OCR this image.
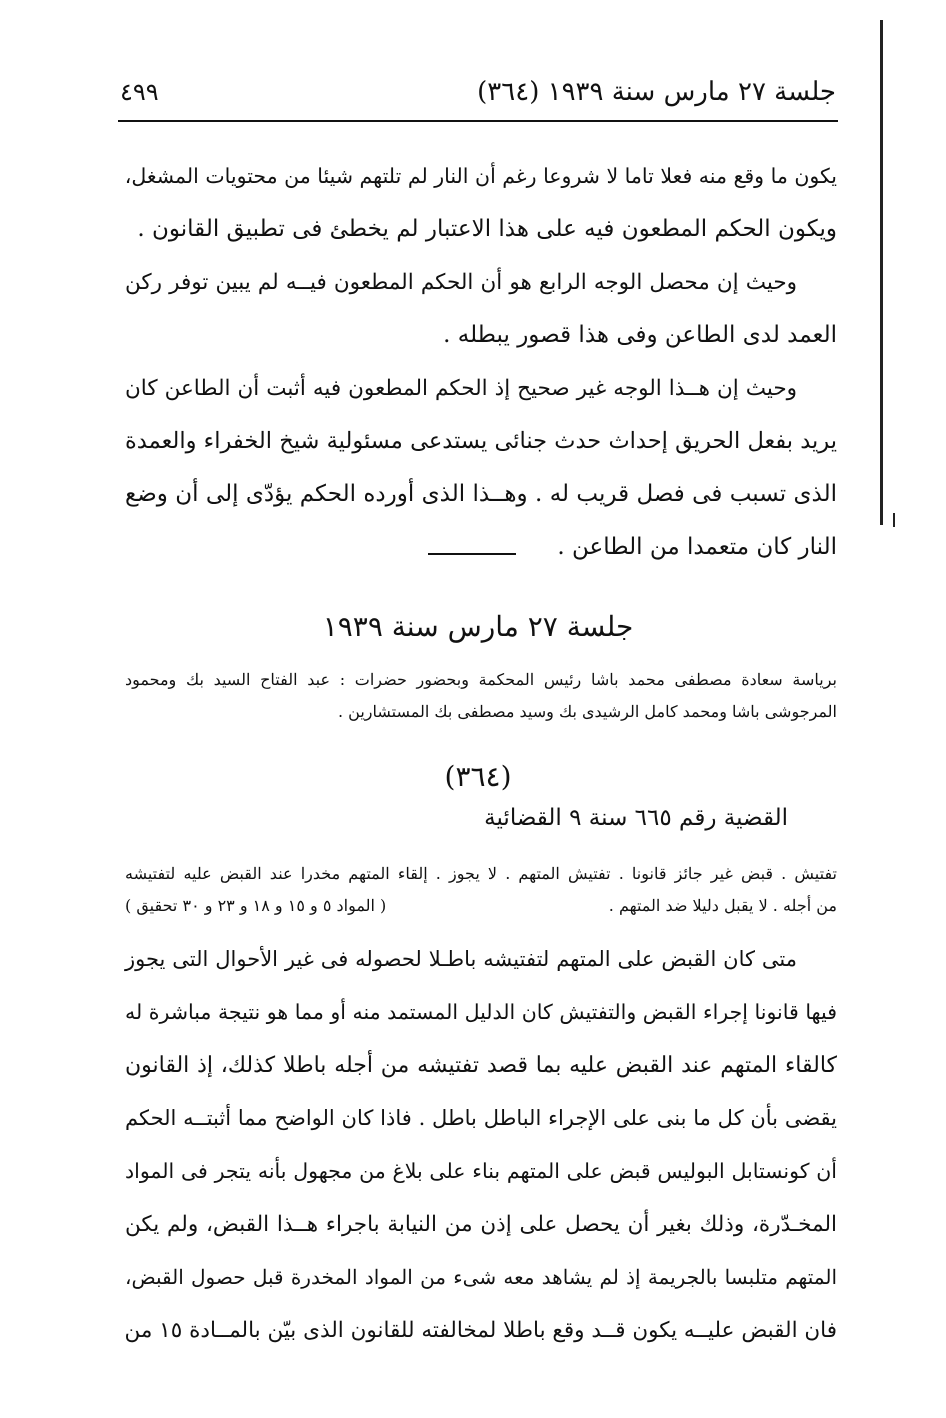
جلسة ٢٧ مارس سنة ١٩٣٩ (٣٦٤)
٤٩٩
يكون ما وقع منه فعلا تاما لا شروعا رغم أن النار لم تلتهم شيئا من محتويات المشغل،
ويكون الحكم المطعون فيه على هذا الاعتبار لم يخطئ فى تطبيق القانون .
وحيث إن محصل الوجه الرابع هو أن الحكم المطعون فيــه لم يبين توفر ركن
العمد لدى الطاعن وفى هذا قصور يبطله .
وحيث إن هــذا الوجه غير صحيح إذ الحكم المطعون فيه أثبت أن الطاعن كان
يريد بفعل الحريق إحداث حدث جنائى يستدعى مسئولية شيخ الخفراء والعمدة
الذى تسبب فى فصل قريب له . وهــذا الذى أورده الحكم يؤدّى إلى أن وضع
النار كان متعمدا من الطاعن .
جلسة ٢٧ مارس سنة ١٩٣٩
برياسة سعادة مصطفى محمد باشا رئيس المحكمة وبحضور حضرات : عبد الفتاح السيد بك ومحمود
المرجوشى باشا ومحمد كامل الرشيدى بك وسيد مصطفى بك المستشارين .
(٣٦٤)
القضية رقم ٦٦٥ سنة ٩ القضائية
تفتيش . قبض غير جائز قانونا . تفتيش المتهم . لا يجوز . إلقاء المتهم مخدرا عند القبض عليه لتفتيشه
من أجله . لا يقبل دليلا ضد المتهم .
( المواد ٥ و ١٥ و ١٨ و ٢٣ و ٣٠ تحقيق )
متى كان القبض على المتهم لتفتيشه باطـلا لحصوله فى غير الأحوال التى يجوز
فيها قانونا إجراء القبض والتفتيش كان الدليل المستمد منه أو مما هو نتيجة مباشرة له
كالقاء المتهم عند القبض عليه بما قصد تفتيشه من أجله باطلا كذلك، إذ القانون
يقضى بأن كل ما بنى على الإجراء الباطل باطل . فاذا كان الواضح مما أثبتــه الحكم
أن كونستابل البوليس قبض على المتهم بناء على بلاغ من مجهول بأنه يتجر فى المواد
المخـدّرة، وذلك بغير أن يحصل على إذن من النيابة باجراء هــذا القبض، ولم يكن
المتهم متلبسا بالجريمة إذ لم يشاهد معه شىء من المواد المخدرة قبل حصول القبض،
فان القبض عليــه يكون قــد وقع باطلا لمخالفته للقانون الذى بيّن بالمــادة ١٥ من
